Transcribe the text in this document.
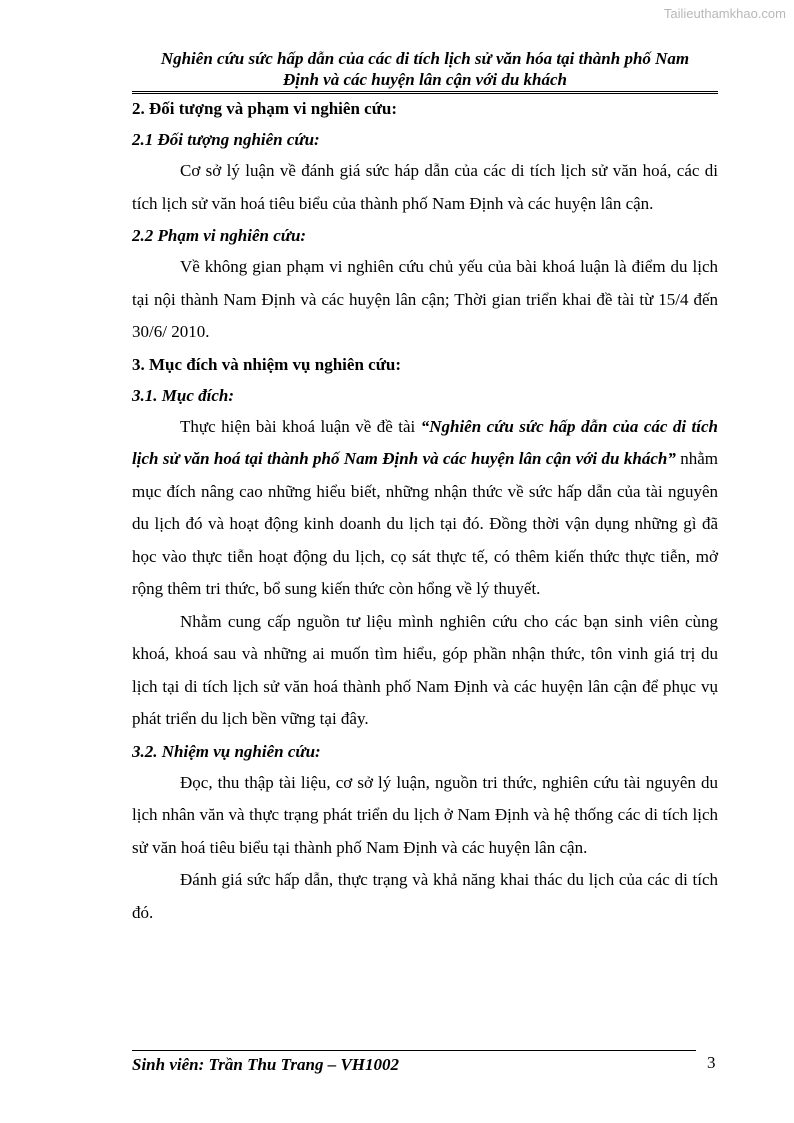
Tailieuthamkhao.com
Nghiên cứu sức hấp dẫn của các di tích lịch sử văn hóa tại thành phố Nam
Định và các huyện lân cận với du khách

2. Đối tượng và phạm vi nghiên cứu:

2.1 Đối tượng nghiên cứu:

Cơ sở lý luận về đánh giá sức háp dẫn của các di tích lịch sử văn hoá, các di tích lịch sử văn hoá tiêu biểu của thành phố Nam Định và các huyện lân cận.

2.2 Phạm vi nghiên cứu:

Về không gian phạm vi nghiên cứu chủ yếu của bài khoá luận là điểm du lịch tại nội thành Nam Định và các huyện lân cận; Thời gian triển khai đề tài từ 15/4 đến 30/6/ 2010.

3. Mục đích và nhiệm vụ nghiên cứu:

3.1. Mục đích:

Thực hiện bài khoá luận về đề tài “Nghiên cứu sức hấp dẫn của các di tích lịch sử văn hoá tại thành phố Nam Định và các huyện lân cận với du khách” nhằm mục đích nâng cao những hiểu biết, những nhận thức về sức hấp dẫn của tài nguyên du lịch đó và hoạt động kinh doanh du lịch tại đó. Đồng thời vận dụng những gì đã học vào thực tiễn hoạt động du lịch, cọ sát thực tế, có thêm kiến thức thực tiễn, mở rộng thêm tri thức, bổ sung kiến thức còn hổng về lý thuyết.

Nhằm cung cấp nguồn tư liệu mình nghiên cứu cho các bạn sinh viên cùng khoá, khoá sau và những ai muốn tìm hiểu, góp phần nhận thức, tôn vinh giá trị du lịch tại di tích lịch sử văn hoá thành phố Nam Định và các huyện lân cận để phục vụ phát triển du lịch bền vững tại đây.

3.2. Nhiệm vụ nghiên cứu:

Đọc, thu thập tài liệu, cơ sở lý luận, nguồn tri thức, nghiên cứu tài nguyên du lịch nhân văn và thực trạng phát triển du lịch ở Nam Định và hệ thống các di tích lịch sử văn hoá tiêu biểu tại thành phố Nam Định và các huyện lân cận.

Đánh giá sức hấp dẫn, thực trạng và khả năng khai thác du lịch của các di tích đó.

Sinh viên: Trần Thu Trang – VH1002	3
